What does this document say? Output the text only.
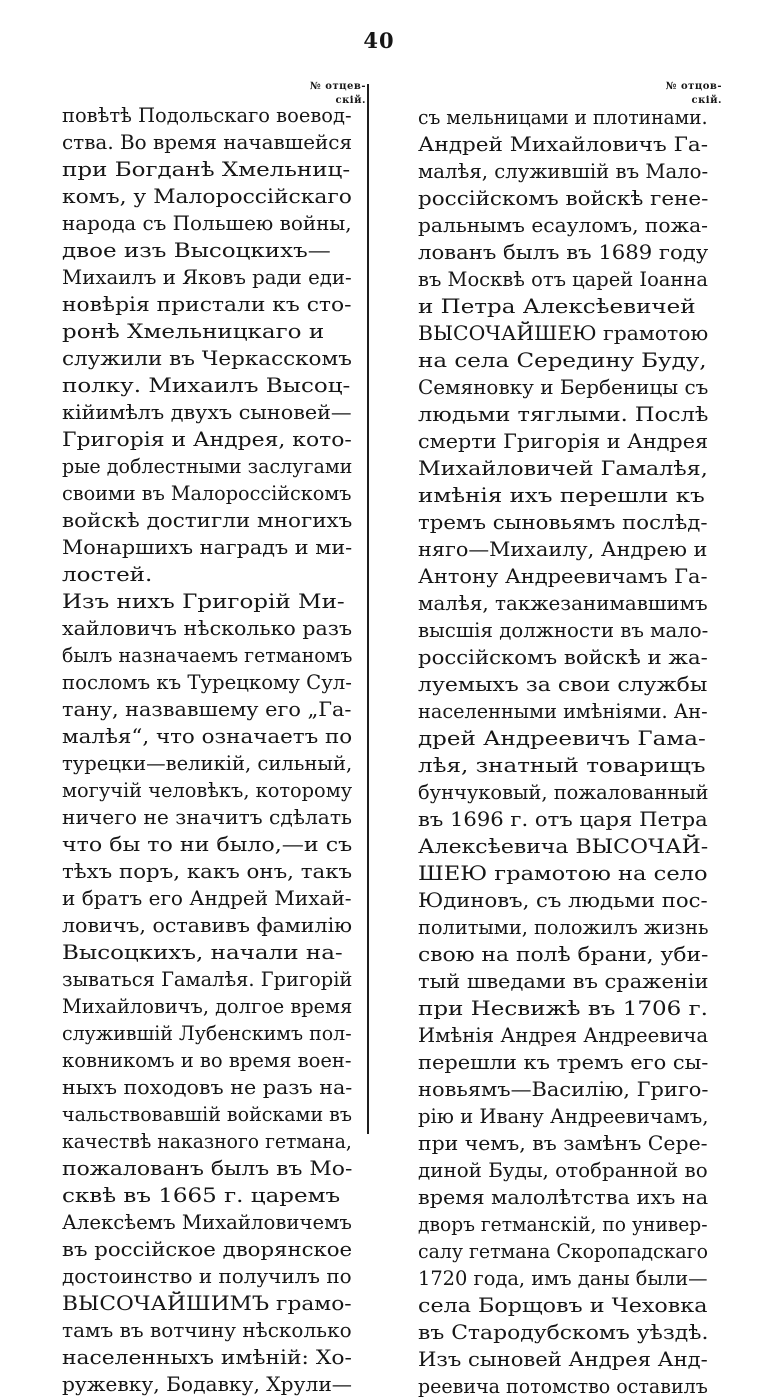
40
№ отцев-
скій.
№ отцов-
скій.
повѣтѣ Подольскаго воевод-
ства. Во время начавшейся
при Богданѣ Хмельниц-
комъ, у Малороссійскаго
народа съ Польшею войны,
двое изъ Высоцкихъ—
Михаилъ и Яковъ ради еди-
новѣрія пристали къ сто-
ронѣ Хмельницкаго и
служили въ Черкасскомъ
полку. Михаилъ Высоц-
кійимѣлъ двухъ сыновей—
Григорія и Андрея, кото-
рые доблестными заслугами
своими въ Малороссійскомъ
войскѣ достигли многихъ
Монаршихъ наградъ и ми-
лостей.
Изъ нихъ Григорій Ми-
хайловичъ нѣсколько разъ
былъ назначаемъ гетманомъ
посломъ къ Турецкому Сул-
тану, назвавшему его „Га-
малѣя“, что означаетъ по
турецки—великій, сильный,
могучій человѣкъ, которому
ничего не значитъ сдѣлать
что бы то ни было,—и съ
тѣхъ поръ, какъ онъ, такъ
и братъ его Андрей Михай-
ловичъ, оставивъ фамилію
Высоцкихъ, начали на-
зываться Гамалѣя. Григорій
Михайловичъ, долгое время
служившій Лубенскимъ пол-
ковникомъ и во время воен-
ныхъ походовъ не разъ на-
чальствовавшій войсками въ
качествѣ наказного гетмана,
пожалованъ былъ въ Мо-
сквѣ въ 1665 г. царемъ
Алексѣемъ Михайловичемъ
въ россійское дворянское
достоинство и получилъ по
ВЫСОЧАЙШИМЪ грамо-
тамъ въ вотчину нѣсколько
населенныхъ имѣній: Хо-
ружевку, Бодавку, Хрули—
съ мельницами и плотинами.
Андрей Михайловичъ Га-
малѣя, служившій въ Мало-
россійскомъ войскѣ гене-
ральнымъ есауломъ, пожа-
лованъ былъ въ 1689 году
въ Москвѣ отъ царей Іоанна
и Петра Алексѣевичей
ВЫСОЧАЙШЕЮ грамотою
на села Серединy Буду,
Семяновку и Бербеницы съ
людьми тяглыми. Послѣ
смерти Григорія и Андрея
Михайловичей Гамалѣя,
имѣнія ихъ перешли къ
тремъ сыновьямъ послѣд-
няго—Михаилу, Андрею и
Антону Андреевичамъ Га-
малѣя, такжезанимавшимъ
высшія должности въ мало-
россійскомъ войскѣ и жа-
луемыхъ за свои службы
населенными имѣніями. Ан-
дрей Андреевичъ Гама-
лѣя, знатный товарищъ
бунчуковый, пожалованный
въ 1696 г. отъ царя Петра
Алексѣевича ВЫСОЧАЙ-
ШЕЮ грамотою на село
Юдиновъ, съ людьми пос-
политыми, положилъ жизнь
свою на полѣ брани, уби-
тый шведами въ сраженіи
при Несвижѣ въ 1706 г.
Имѣнія Андрея Андреевича
перешли къ тремъ его сы-
новьямъ—Василію, Григо-
рію и Ивану Андреевичамъ,
при чемъ, въ замѣнъ Сере-
диной Буды, отобранной во
время малолѣтства ихъ на
дворъ гетманскій, по унивeр-
салу гетмана Скоропадскаго
1720 года, имъ даны были—
села Борщовъ и Чеховка
въ Стародубскомъ уѣздѣ.
Изъ сыновей Андрея Анд-
реевича потомство оставилъ
